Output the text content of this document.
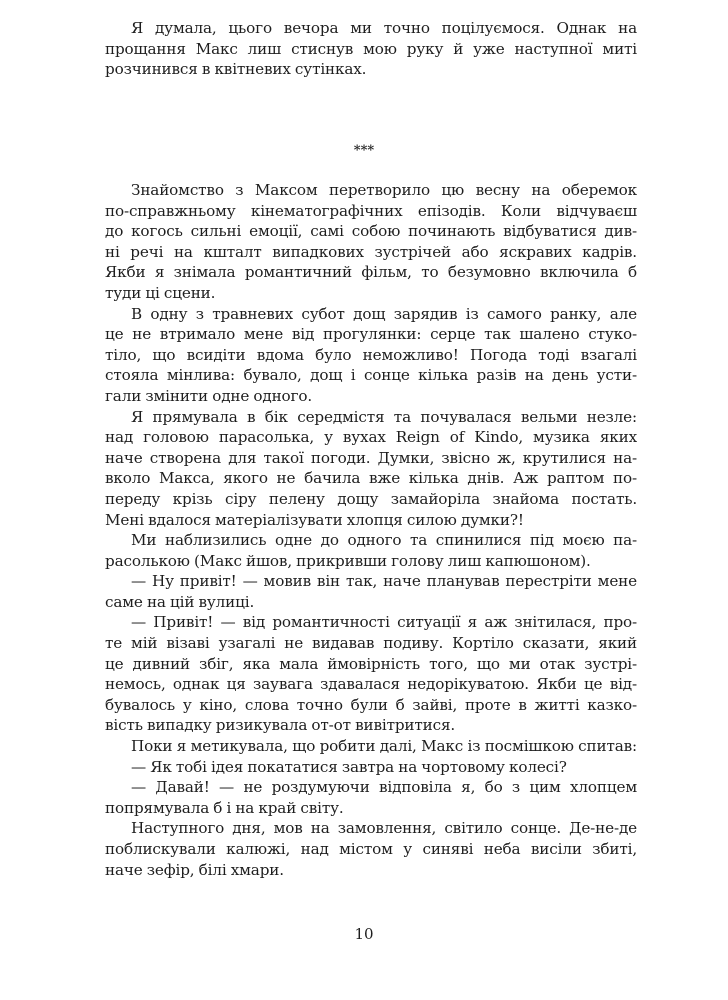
Я думала, цього вечора ми точно поцілуємося. Однак на
прощання Макс лиш стиснув мою руку й уже наступної миті
розчинився в квітневих сутінках.
***
Знайомство з Максом перетворило цю весну на оберемок
по-справжньому кінематографічних епізодів. Коли відчуваєш
до когось сильні емоції, самі собою починають відбуватися див-
ні речі на кшталт випадкових зустрічей або яскравих кадрів.
Якби я знімала романтичний фільм, то безумовно включила б
туди ці сцени.
В одну з травневих субот дощ зарядив із самого ранку, але
це не втримало мене від прогулянки: серце так шалено стуко-
тіло, що всидіти вдома було неможливо! Погода тоді взагалі
стояла мінлива: бувало, дощ і сонце кілька разів на день усти-
гали змінити одне одного.
Я прямувала в бік середмістя та почувалася вельми незле:
над головою парасолька, у вухах Reign of Kindo, музика яких
наче створена для такої погоди. Думки, звісно ж, крутилися на-
вколо Макса, якого не бачила вже кілька днів. Аж раптом по-
переду крізь сіру пелену дощу замайоріла знайома постать.
Мені вдалося матеріалізувати хлопця силою думки?!
Ми наблизились одне до одного та спинилися під моєю па-
расолькою (Макс йшов, прикривши голову лиш капюшоном).
— Ну привіт! — мовив він так, наче планував перестріти мене
саме на цій вулиці.
— Привіт! — від романтичності ситуації я аж знітилася, про-
те мій візаві узагалі не видавав подиву. Кортіло сказати, який
це дивний збіг, яка мала ймовірність того, що ми отак зустрі-
немось, однак ця заувага здавалася недорікуватою. Якби це від-
бувалось у кіно, слова точно були б зайві, проте в житті казко-
вість випадку ризикувала от-от вивітритися.
Поки я метикувала, що робити далі, Макс із посмішкою спитав:
— Як тобі ідея покататися завтра на чортовому колесі?
— Давай! — не роздумуючи відповіла я, бо з цим хлопцем
попрямувала б і на край світу.
Наступного дня, мов на замовлення, світило сонце. Де-не-де
поблискували калюжі, над містом у синяві неба висіли збиті,
наче зефір, білі хмари.
10
